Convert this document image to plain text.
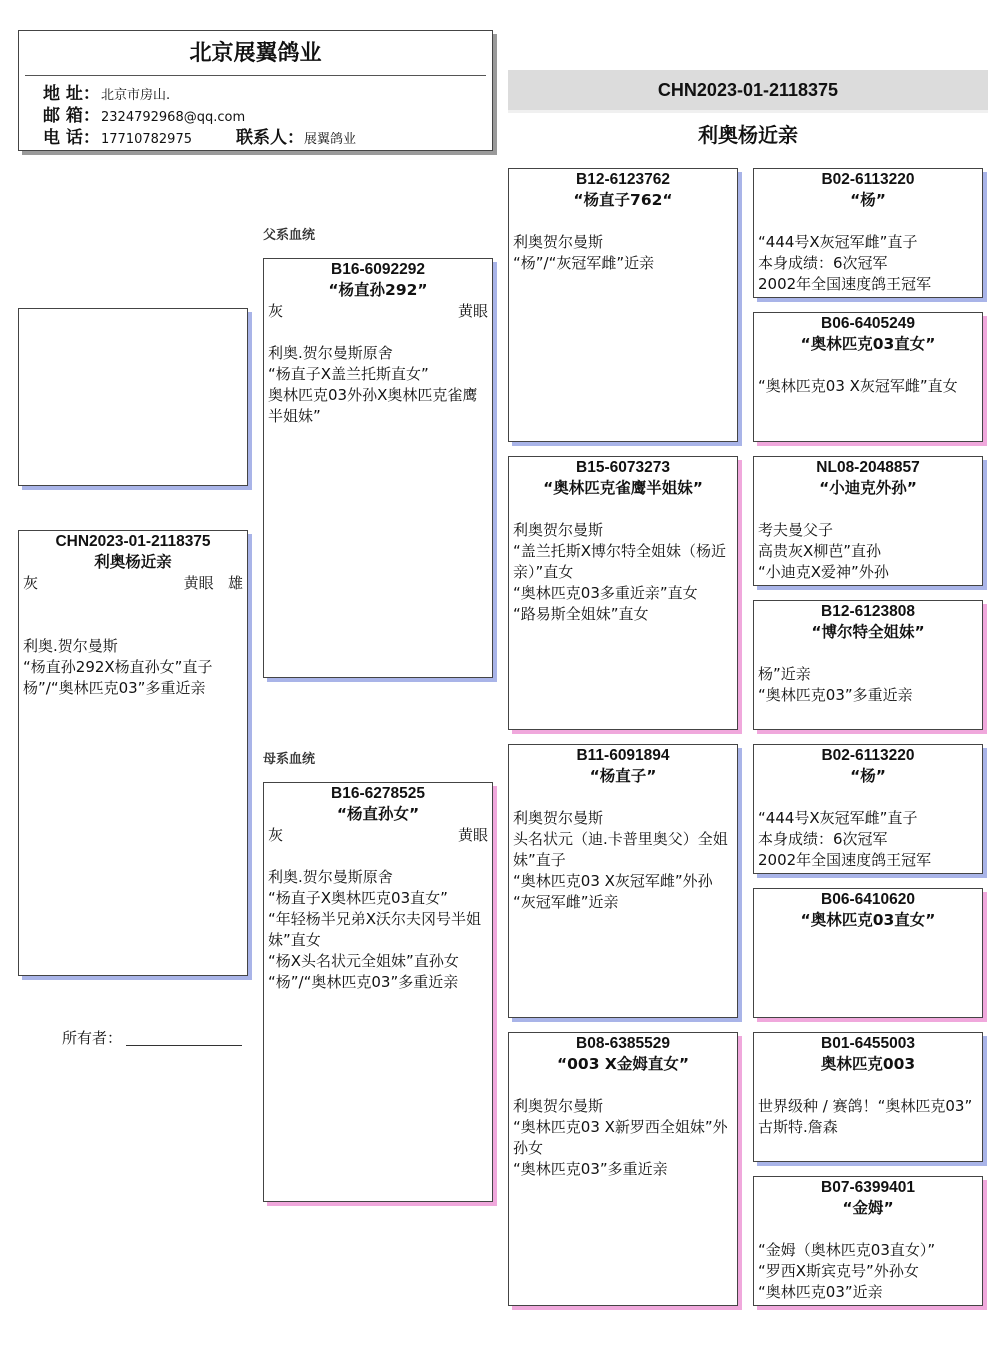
北京展翼鸽业
地 址：北京市房山.
邮 箱：2324792968@qq.com
电 话：17710782975	联系人：展翼鸽业
CHN2023-01-2118375
利奥杨近亲
CHN2023-01-2118375
利奥杨近亲
灰	黄眼 雄
利奥.贺尔曼斯
“杨直孙292X杨直孙女”直子
杨”/“奥林匹克03”多重近亲
所有者：
父系血统
母系血统
B16-6092292
“杨直孙292”
灰	黄眼
利奥.贺尔曼斯原舍
“杨直子X盖兰托斯直女”
奥林匹克03外孙X奥林匹克雀鹰半姐妹”
B16-6278525
“杨直孙女”
灰	黄眼
利奥.贺尔曼斯原舍
“杨直子X奥林匹克03直女”
“年轻杨半兄弟X沃尔夫冈号半姐妹”直女
“杨X头名状元全姐妹”直孙女
“杨”/“奥林匹克03”多重近亲
B12-6123762
“杨直子762“
利奥贺尔曼斯
“杨”/“灰冠军雌”近亲
B15-6073273
“奥林匹克雀鹰半姐妹”
利奥贺尔曼斯
“盖兰托斯X博尔特全姐妹（杨近亲）”直女
“奥林匹克03多重近亲”直女
“路易斯全姐妹”直女
B11-6091894
“杨直子”
利奥贺尔曼斯
头名状元（迪.卡普里奥父）全姐妹”直子
“奥林匹克03 X灰冠军雌”外孙
“灰冠军雌”近亲
B08-6385529
“003 X金姆直女”
利奥贺尔曼斯
“奥林匹克03 X新罗西全姐妹”外孙女
“奥林匹克03”多重近亲
B02-6113220
“杨”
“444号X灰冠军雌”直子
本身成绩：6次冠军
2002年全国速度鸽王冠军
B06-6405249
“奥林匹克03直女”
“奥林匹克03 X灰冠军雌”直女
NL08-2048857
“小迪克外孙”
考夫曼父子
高贵灰X柳芭”直孙
“小迪克X爱神”外孙
B12-6123808
“博尔特全姐妹”
杨”近亲
“奥林匹克03”多重近亲
B02-6113220
“杨”
“444号X灰冠军雌”直子
本身成绩：6次冠军
2002年全国速度鸽王冠军
B06-6410620
“奥林匹克03直女”
B01-6455003
奥林匹克003
世界级种 / 赛鸽！“奥林匹克03”
古斯特.詹森
B07-6399401
“金姆”
“金姆（奥林匹克03直女）”
“罗西X斯宾克号”外孙女
“奥林匹克03”近亲
